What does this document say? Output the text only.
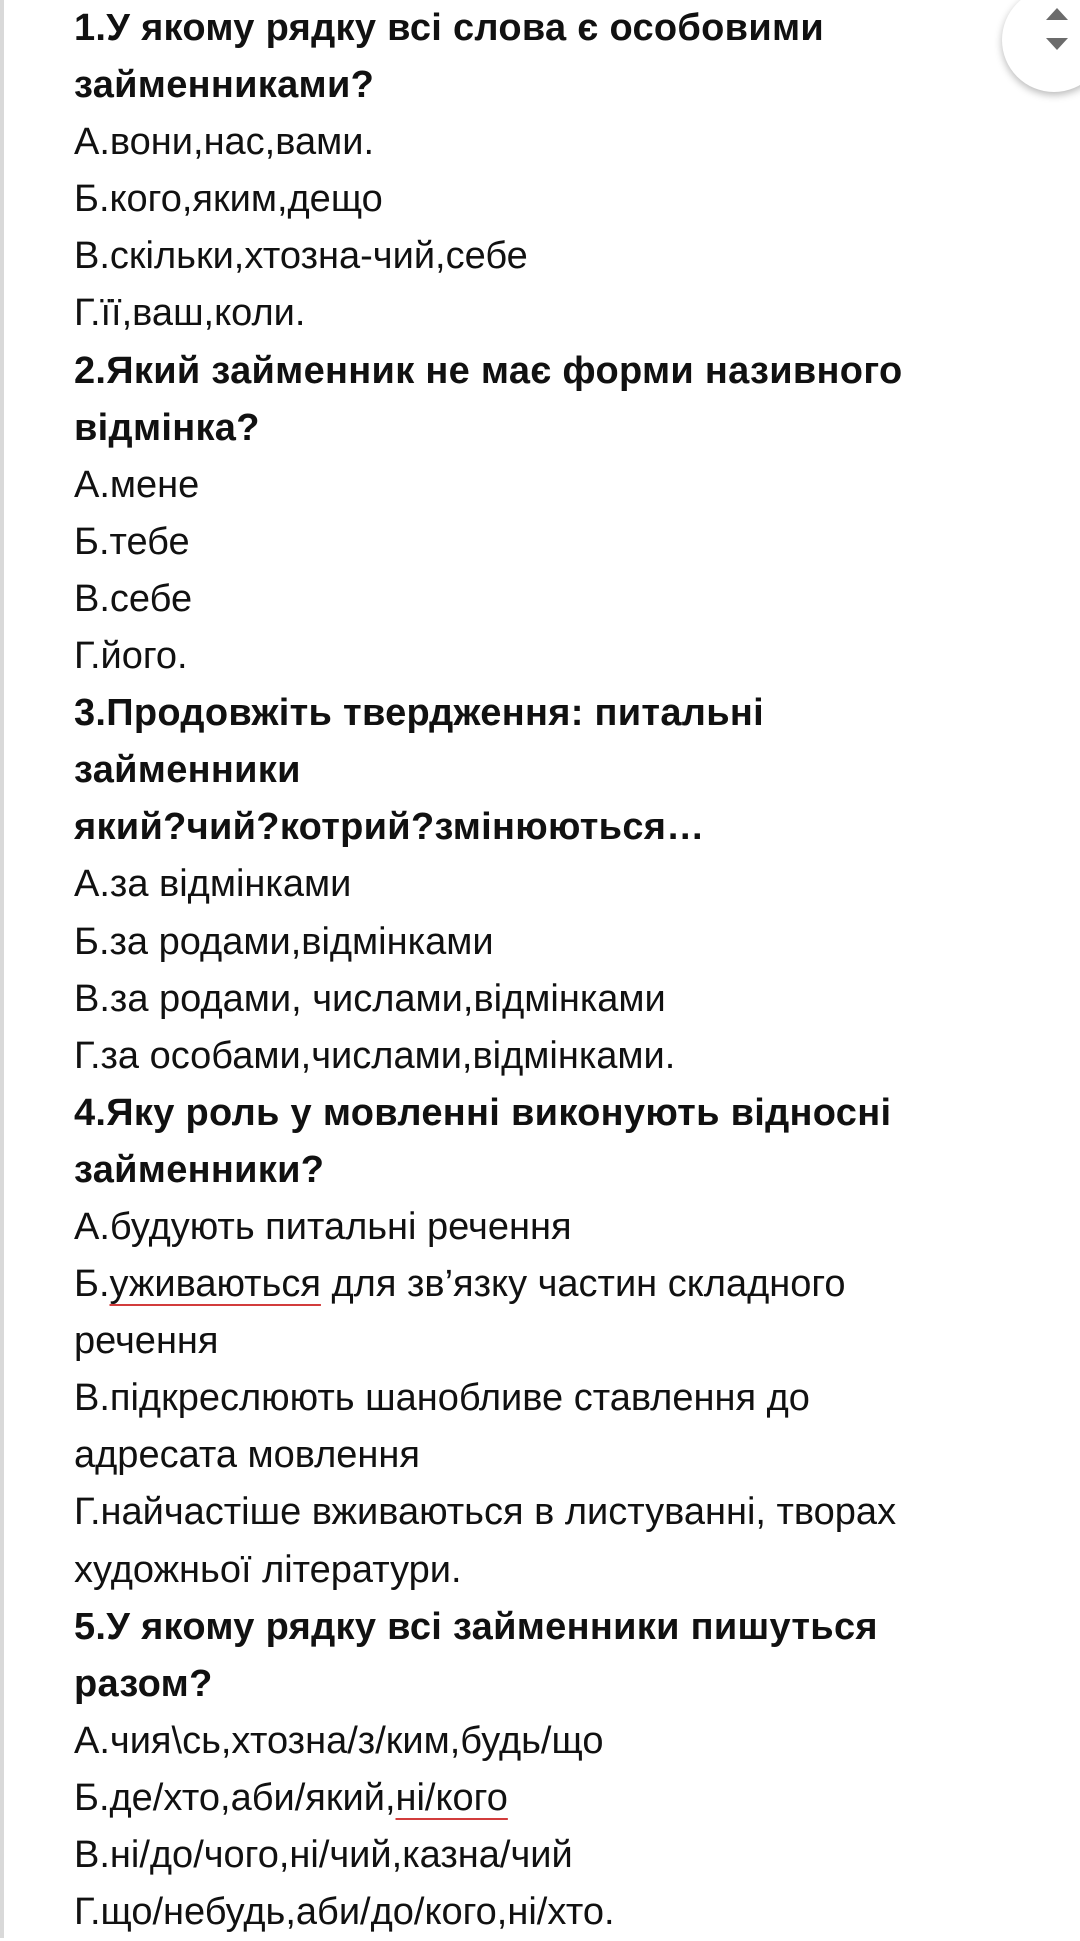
1.У якому рядку всі слова є особовими
займенниками?
А.вони,нас,вами.
Б.кого,яким,дещо
В.скільки,хтозна-чий,себе
Г.її,ваш,коли.
2.Який займенник не має форми називного
відмінка?
А.мене
Б.тебе
В.себе
Г.його.
3.Продовжіть твердження: питальні
займенники
який?чий?котрий?змінюються…
А.за відмінками
Б.за родами,відмінками
В.за родами, числами,відмінками
Г.за особами,числами,відмінками.
4.Яку роль у мовленні виконують відносні
займенники?
А.будують питальні речення
Б.уживаються для зв’язку частин складного
речення
В.підкреслюють шанобливе ставлення до
адресата мовлення
Г.найчастіше вживаються в листуванні, творах
художньої літератури.
5.У якому рядку всі займенники пишуться
разом?
А.чия\сь,хтозна/з/ким,будь/що
Б.де/хто,аби/який,ні/кого
В.ні/до/чого,ні/чий,казна/чий
Г.що/небудь,аби/до/кого,ні/хто.
